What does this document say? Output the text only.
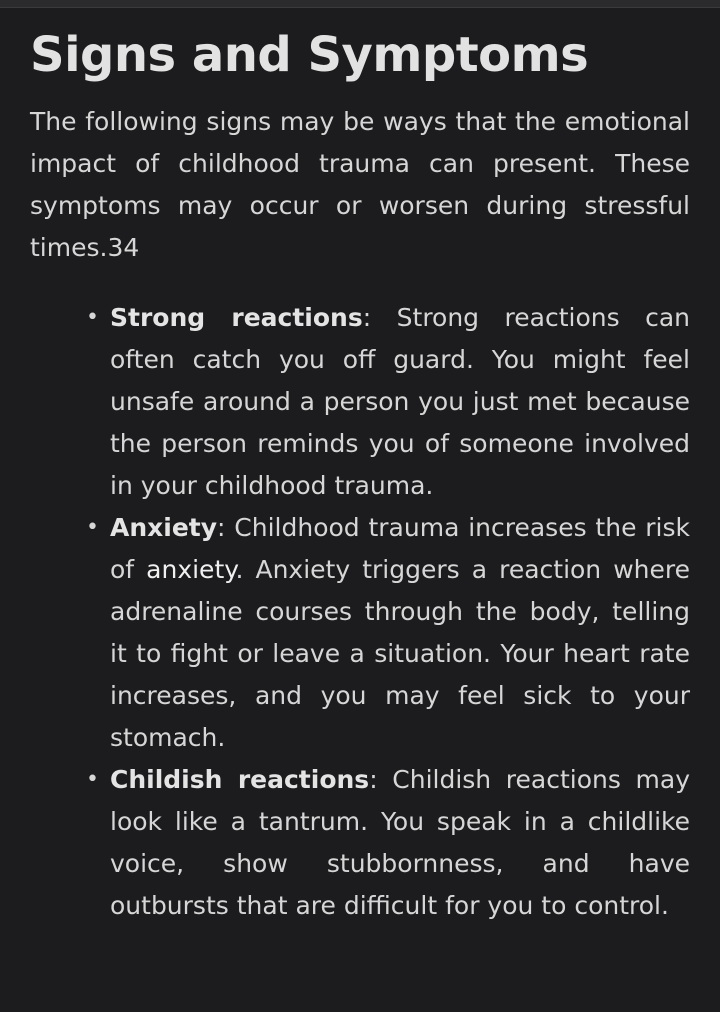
Signs and Symptoms

The following signs may be ways that the emotional impact of childhood trauma can present. These symptoms may occur or worsen during stressful times.34

• Strong reactions: Strong reactions can often catch you off guard. You might feel unsafe around a person you just met because the person reminds you of someone involved in your childhood trauma.
• Anxiety: Childhood trauma increases the risk of anxiety. Anxiety triggers a reaction where adrenaline courses through the body, telling it to fight or leave a situation. Your heart rate increases, and you may feel sick to your stomach.
• Childish reactions: Childish reactions may look like a tantrum. You speak in a childlike voice, show stubbornness, and have outbursts that are difficult for you to control.
